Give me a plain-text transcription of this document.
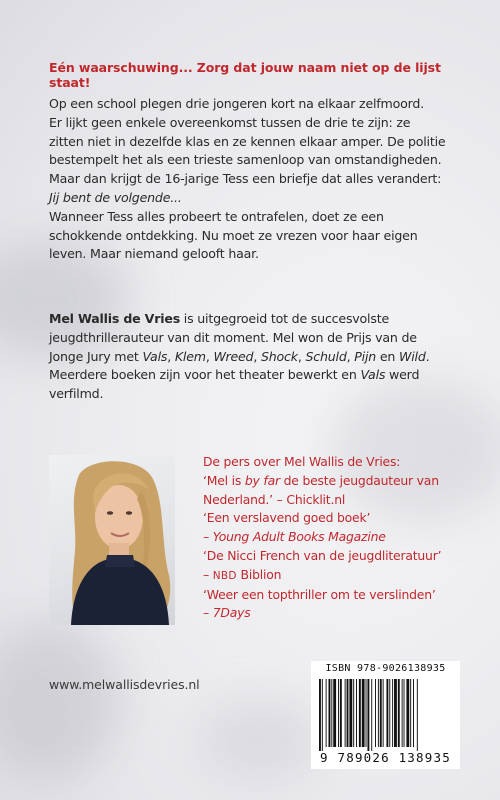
Eén waarschuwing... Zorg dat jouw naam niet op de lijst staat!

Op een school plegen drie jongeren kort na elkaar zelfmoord.
Er lijkt geen enkele overeenkomst tussen de drie te zijn: ze
zitten niet in dezelfde klas en ze kennen elkaar amper. De politie
bestempelt het als een trieste samenloop van omstandigheden.
Maar dan krijgt de 16-jarige Tess een briefje dat alles verandert:
Jij bent de volgende...
Wanneer Tess alles probeert te ontrafelen, doet ze een
schokkende ontdekking. Nu moet ze vrezen voor haar eigen
leven. Maar niemand gelooft haar.

Mel Wallis de Vries is uitgegroeid tot de succesvolste
jeugdthrillerauteur van dit moment. Mel won de Prijs van de
Jonge Jury met Vals, Klem, Wreed, Shock, Schuld, Pijn en Wild.
Meerdere boeken zijn voor het theater bewerkt en Vals werd
verfilmd.

De pers over Mel Wallis de Vries:
‘Mel is by far de beste jeugdauteur van
Nederland.’ – Chicklit.nl
‘Een verslavend goed boek’
– Young Adult Books Magazine
‘De Nicci French van de jeugdliteratuur’
– NBD Biblion
‘Weer een topthriller om te verslinden’
– 7Days
www.melwallisdevries.nl
ISBN 978-9026138935
9 789026 138935
